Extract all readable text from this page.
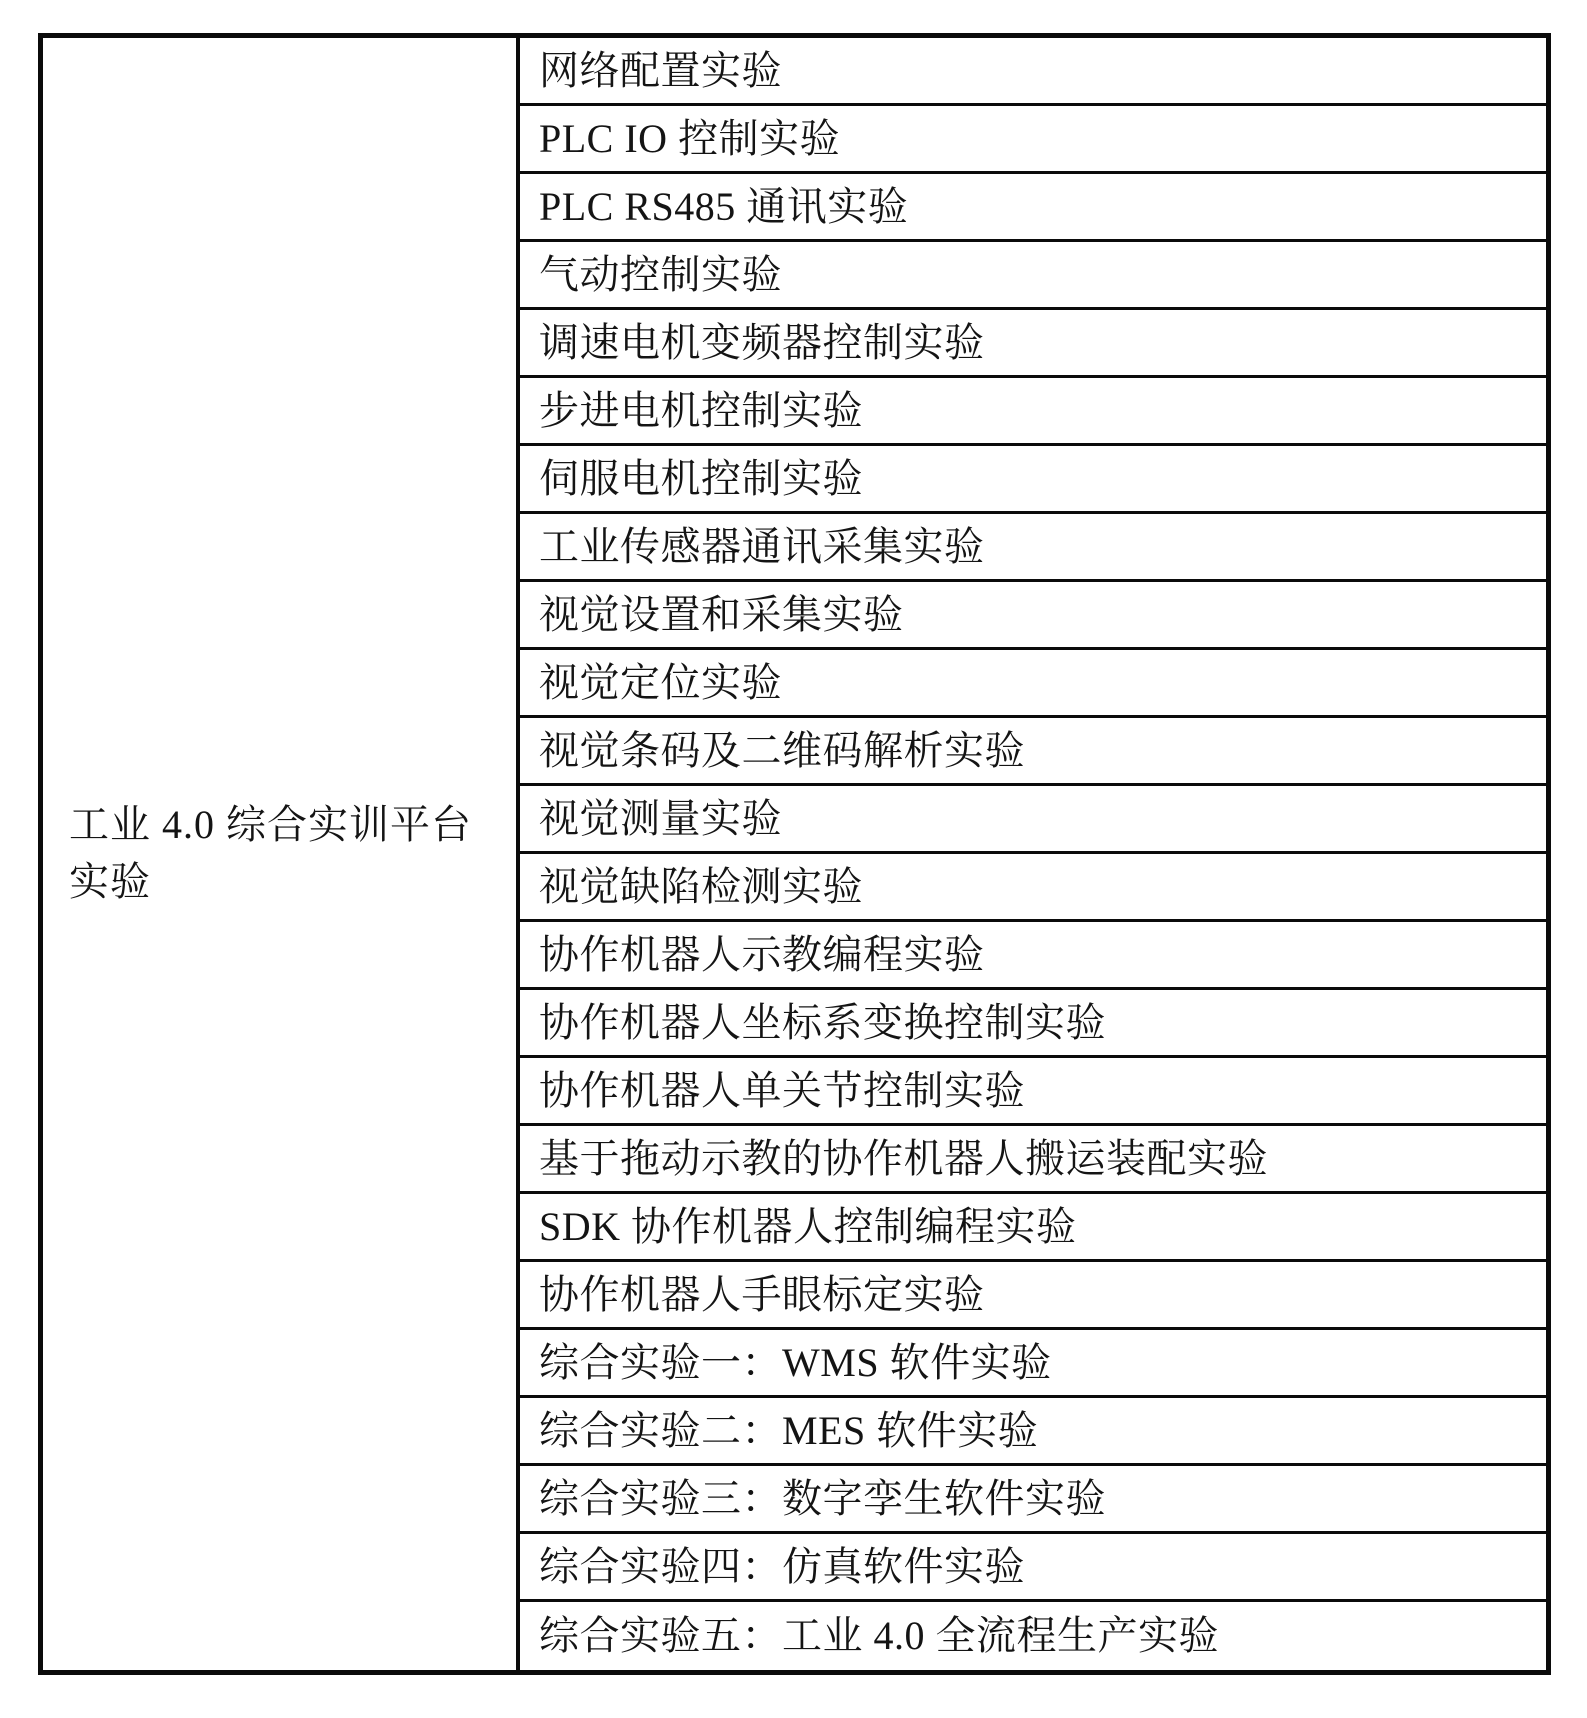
工业 4.0 综合实训平台实验
网络配置实验
PLC IO 控制实验
PLC RS485 通讯实验
气动控制实验
调速电机变频器控制实验
步进电机控制实验
伺服电机控制实验
工业传感器通讯采集实验
视觉设置和采集实验
视觉定位实验
视觉条码及二维码解析实验
视觉测量实验
视觉缺陷检测实验
协作机器人示教编程实验
协作机器人坐标系变换控制实验
协作机器人单关节控制实验
基于拖动示教的协作机器人搬运装配实验
SDK 协作机器人控制编程实验
协作机器人手眼标定实验
综合实验一：WMS 软件实验
综合实验二：MES 软件实验
综合实验三：数字孪生软件实验
综合实验四：仿真软件实验
综合实验五：工业 4.0 全流程生产实验
